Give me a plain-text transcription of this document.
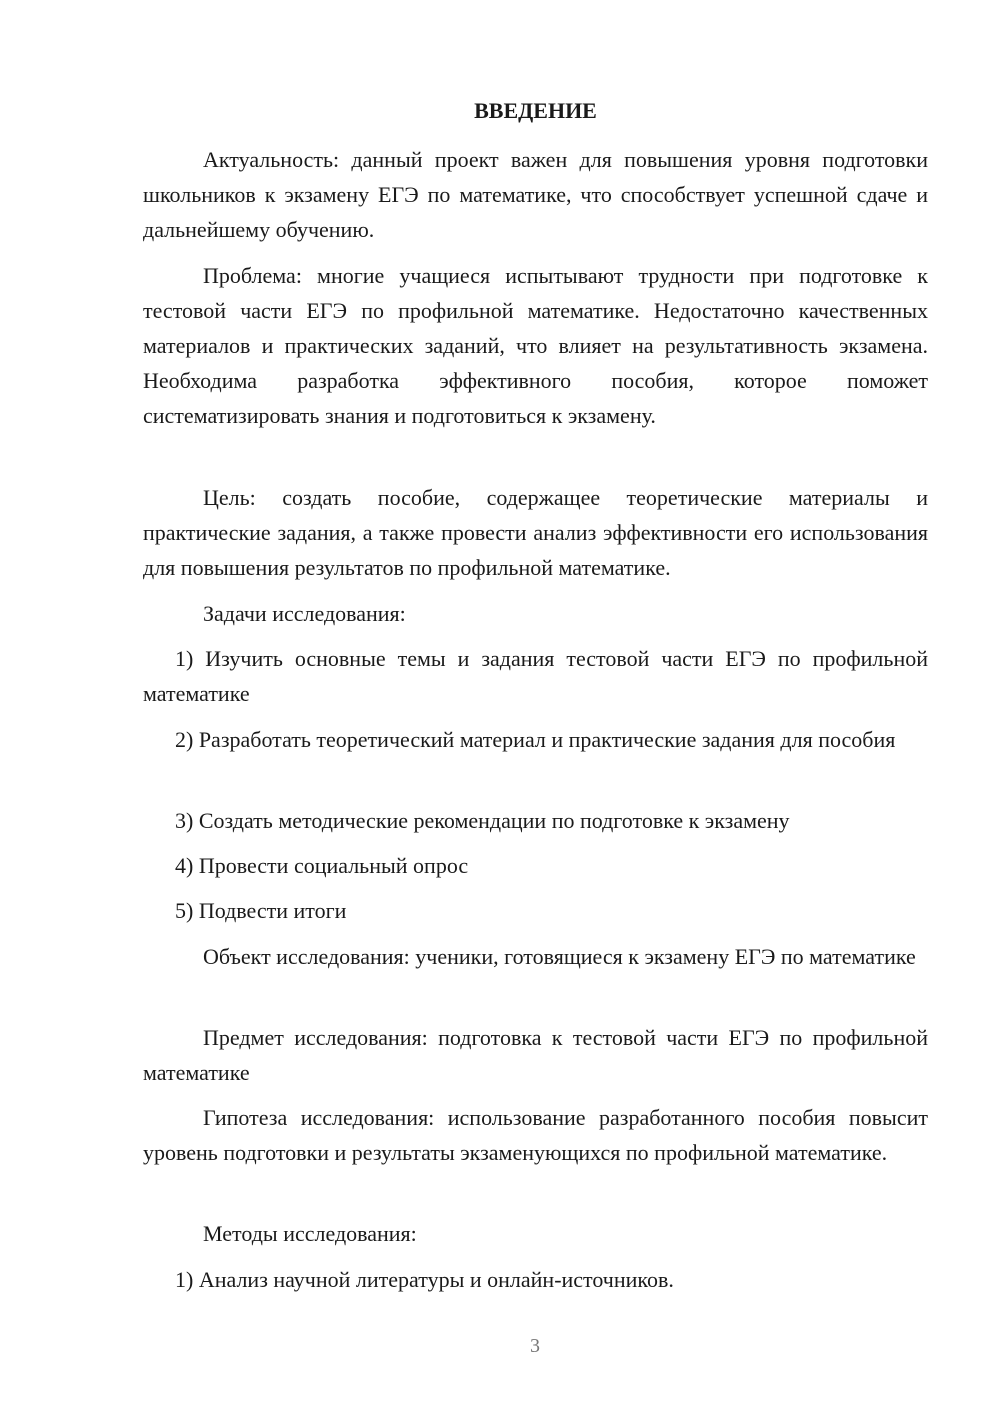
ВВЕДЕНИЕ

Актуальность: данный проект важен для повышения уровня подготовки школьников к экзамену ЕГЭ по математике, что способствует успешной сдаче и дальнейшему обучению.

Проблема: многие учащиеся испытывают трудности при подготовке к тестовой части ЕГЭ по профильной математике. Недостаточно качественных материалов и практических заданий, что влияет на результативность экзамена. Необходима разработка эффективного пособия, которое поможет систематизировать знания и подготовиться к экзамену.

Цель: создать пособие, содержащее теоретические материалы и практические задания, а также провести анализ эффективности его использования для повышения результатов по профильной математике.

Задачи исследования:

1) Изучить основные темы и задания тестовой части ЕГЭ по профильной математике

2) Разработать теоретический материал и практические задания для пособия

3) Создать методические рекомендации по подготовке к экзамену

4) Провести социальный опрос

5) Подвести итоги

Объект исследования: ученики, готовящиеся к экзамену ЕГЭ по математике

Предмет исследования: подготовка к тестовой части ЕГЭ по профильной математике

Гипотеза исследования: использование разработанного пособия повысит уровень подготовки и результаты экзаменующихся по профильной математике.

Методы исследования:

1) Анализ научной литературы и онлайн-источников.

3
